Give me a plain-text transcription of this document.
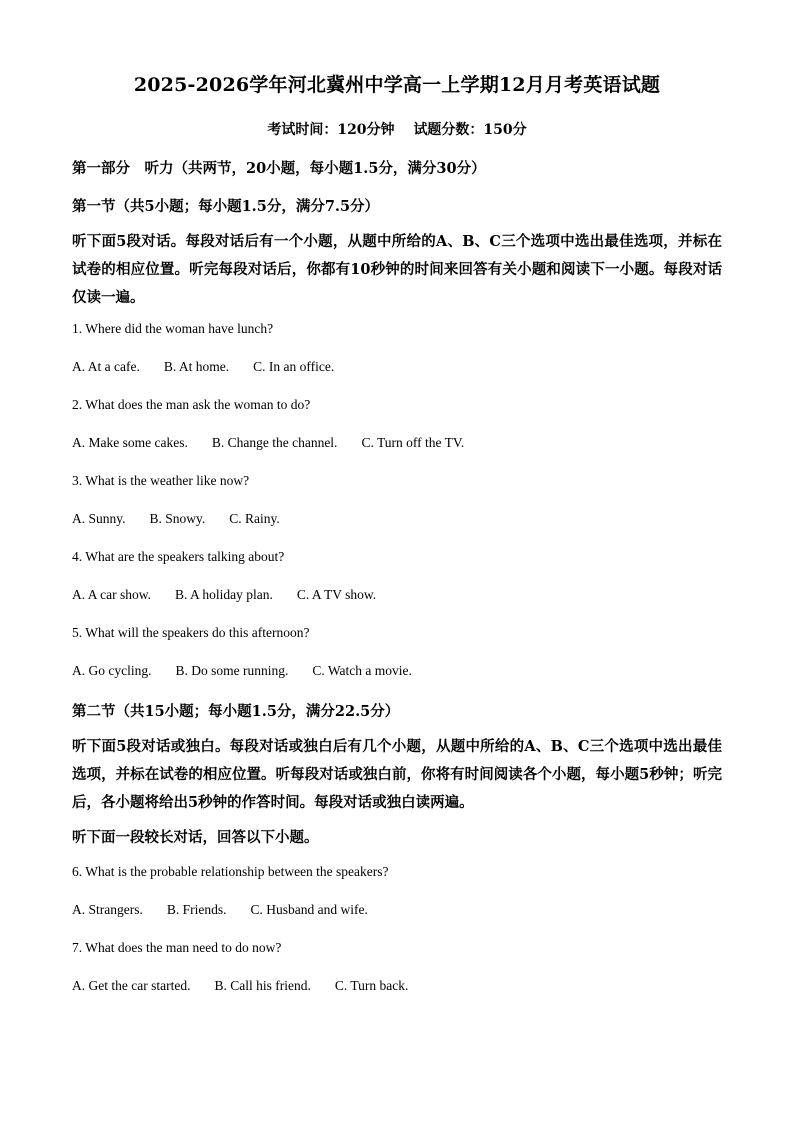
2025-2026学年河北冀州中学高一上学期12月月考英语试题
考试时间：120分钟 试题分数：150分
第一部分　听力（共两节，20小题，每小题1.5分，满分30分）
第一节（共5小题；每小题1.5分，满分7.5分）
听下面5段对话。每段对话后有一个小题，从题中所给的A、B、C三个选项中选出最佳选项，并标在试卷的相应位置。听完每段对话后，你都有10秒钟的时间来回答有关小题和阅读下一小题。每段对话仅读一遍。
1. Where did the woman have lunch?
A. At a cafe. B. At home. C. In an office.
2. What does the man ask the woman to do?
A. Make some cakes. B. Change the channel. C. Turn off the TV.
3. What is the weather like now?
A. Sunny. B. Snowy. C. Rainy.
4. What are the speakers talking about?
A. A car show. B. A holiday plan. C. A TV show.
5. What will the speakers do this afternoon?
A. Go cycling. B. Do some running. C. Watch a movie.
第二节（共15小题；每小题1.5分，满分22.5分）
听下面5段对话或独白。每段对话或独白后有几个小题，从题中所给的A、B、C三个选项中选出最佳选项，并标在试卷的相应位置。听每段对话或独白前，你将有时间阅读各个小题，每小题5秒钟；听完后，各小题将给出5秒钟的作答时间。每段对话或独白读两遍。
听下面一段较长对话，回答以下小题。
6. What is the probable relationship between the speakers?
A. Strangers. B. Friends. C. Husband and wife.
7. What does the man need to do now?
A. Get the car started. B. Call his friend. C. Turn back.
